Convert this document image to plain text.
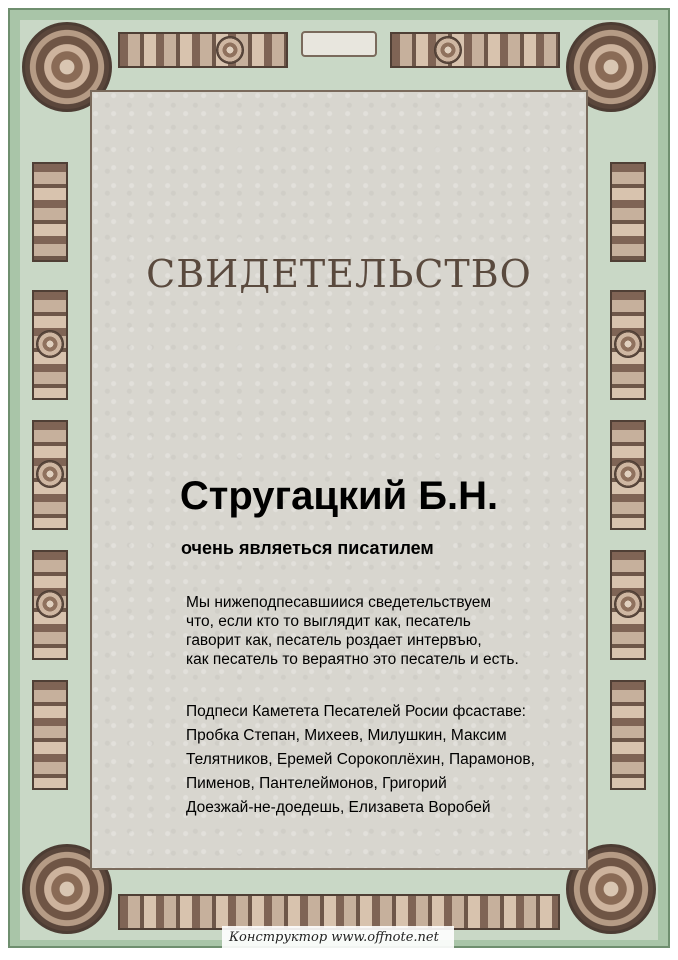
СВИДЕТЕЛЬСТВО
Стругацкий Б.Н.
очень являеться писатилем
Мы нижеподпесавшиися сведетельствуем
что, если кто то выглядит как, песатель
гаворит как, песатель роздает интервъю,
как песатель то вераятно это песатель и есть.
Подпеси Каметета Песателей Росии фсаставе:
Пробка Степан, Михеев, Милушкин, Максим
Телятников, Еремей Сорокоплёхин, Парамонов,
Пименов, Пантелеймонов, Григорий
Доезжай-не-доедешь, Елизавета Воробей
Конструктор www.offnote.net
